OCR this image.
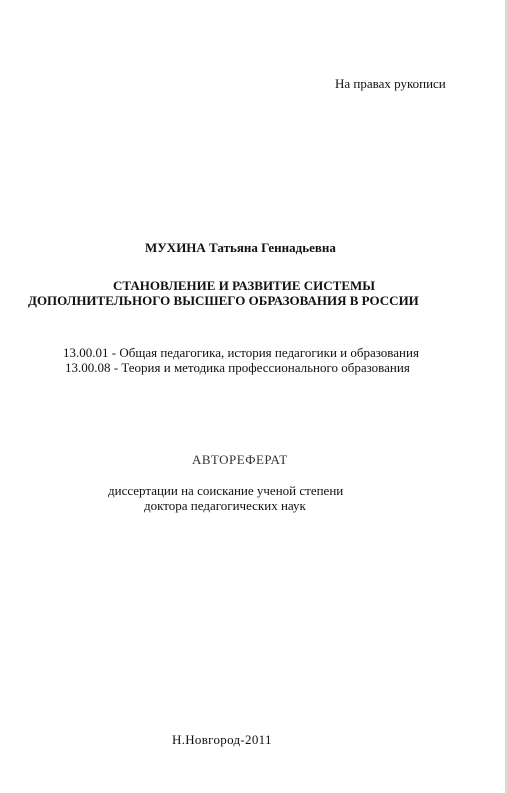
На правах рукописи
МУХИНА Татьяна Геннадьевна
СТАНОВЛЕНИЕ И РАЗВИТИЕ СИСТЕМЫ
ДОПОЛНИТЕЛЬНОГО ВЫСШЕГО ОБРАЗОВАНИЯ В РОССИИ
13.00.01 - Общая педагогика, история педагогики и образования
13.00.08 - Теория и методика профессионального образования
АВТОРЕФЕРАТ
диссертации на соискание ученой степени
доктора педагогических наук
Н.Новгород-2011
